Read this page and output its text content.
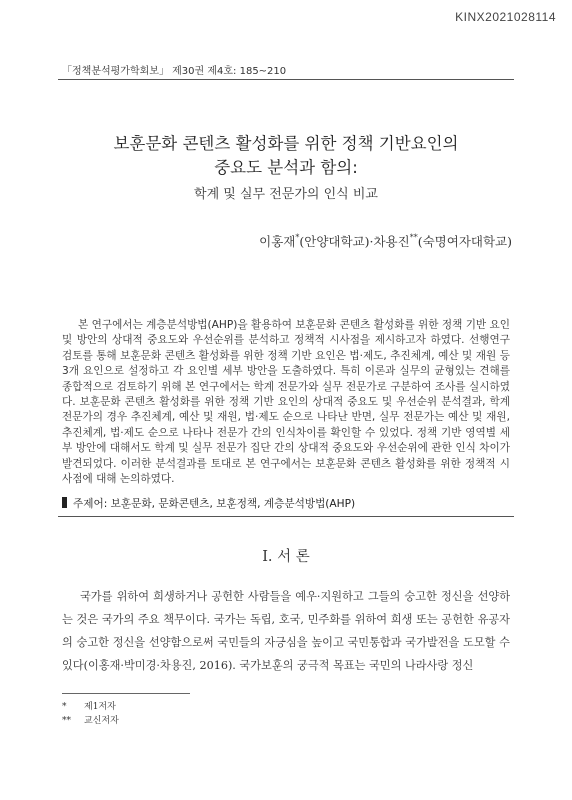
KINX2021028114
「정책분석평가학회보」 제30권 제4호: 185~210
보훈문화 콘텐츠 활성화를 위한 정책 기반요인의
중요도 분석과 함의:
학계 및 실무 전문가의 인식 비교
이홍재*(안양대학교)·차용진**(숙명여자대학교)

본 연구에서는 계층분석방법(AHP)을 활용하여 보훈문화 콘텐츠 활성화를 위한 정책 기반 요인 및 방안의 상대적 중요도와 우선순위를 분석하고 정책적 시사점을 제시하고자 하였다. 선행연구 검토를 통해 보훈문화 콘텐츠 활성화를 위한 정책 기반 요인은 법·제도, 추진체계, 예산 및 재원 등 3개 요인으로 설정하고 각 요인별 세부 방안을 도출하였다. 특히 이론과 실무의 균형있는 견해를 종합적으로 검토하기 위해 본 연구에서는 학계 전문가와 실무 전문가로 구분하여 조사를 실시하였다. 보훈문화 콘텐츠 활성화를 위한 정책 기반 요인의 상대적 중요도 및 우선순위 분석결과, 학계 전문가의 경우 추진체계, 예산 및 재원, 법·제도 순으로 나타난 반면, 실무 전문가는 예산 및 재원, 추진체계, 법·제도 순으로 나타나 전문가 간의 인식차이를 확인할 수 있었다. 정책 기반 영역별 세부 방안에 대해서도 학계 및 실무 전문가 집단 간의 상대적 중요도와 우선순위에 관한 인식 차이가 발견되었다. 이러한 분석결과를 토대로 본 연구에서는 보훈문화 콘텐츠 활성화를 위한 정책적 시사점에 대해 논의하였다.

주제어: 보훈문화, 문화콘텐츠, 보훈정책, 계층분석방법(AHP)
Ⅰ. 서 론

국가를 위하여 희생하거나 공헌한 사람들을 예우·지원하고 그들의 숭고한 정신을 선양하는 것은 국가의 주요 책무이다. 국가는 독립, 호국, 민주화를 위하여 희생 또는 공헌한 유공자의 숭고한 정신을 선양함으로써 국민들의 자긍심을 높이고 국민통합과 국가발전을 도모할 수 있다(이홍재·박미경·차용진, 2016). 국가보훈의 궁극적 목표는 국민의 나라사랑 정신

* 제1저자
** 교신저자
